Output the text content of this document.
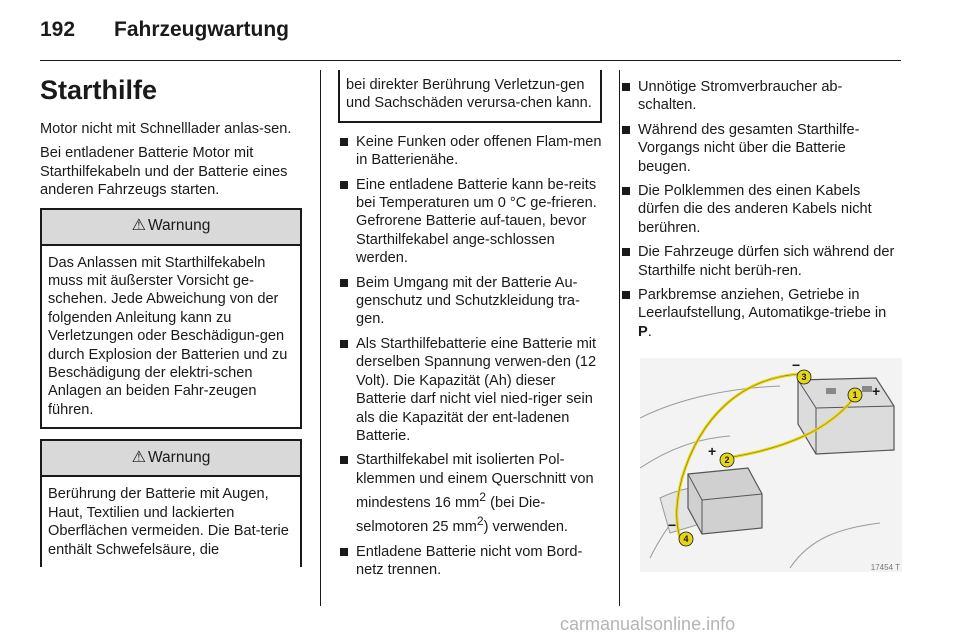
192	Fahrzeugwartung
Starthilfe

Motor nicht mit Schnelllader anlas-sen.

Bei entladener Batterie Motor mit Starthilfekabeln und der Batterie eines anderen Fahrzeugs starten.

⚠ Warnung
Das Anlassen mit Starthilfekabeln muss mit äußerster Vorsicht ge-schehen. Jede Abweichung von der folgenden Anleitung kann zu Verletzungen oder Beschädigun-gen durch Explosion der Batterien und zu Beschädigung der elektri-schen Anlagen an beiden Fahr-zeugen führen.
⚠ Warnung
Berührung der Batterie mit Augen, Haut, Textilien und lackierten Oberflächen vermeiden. Die Bat-terie enthält Schwefelsäure, die
bei direkter Berührung Verletzun-gen und Sachschäden verursa-chen kann.
Keine Funken oder offenen Flam-men in Batterienähe.
Eine entladene Batterie kann be-reits bei Temperaturen um 0 °C ge-frieren. Gefrorene Batterie auf-tauen, bevor Starthilfekabel ange-schlossen werden.
Beim Umgang mit der Batterie Au-genschutz und Schutzkleidung tra-gen.
Als Starthilfebatterie eine Batterie mit derselben Spannung verwen-den (12 Volt). Die Kapazität (Ah) dieser Batterie darf nicht viel nied-riger sein als die Kapazität der ent-ladenen Batterie.
Starthilfekabel mit isolierten Pol-klemmen und einem Querschnitt von mindestens 16 $mm^2$ (bei Die-selmotoren 25 $mm^2$) verwenden.
Entladene Batterie nicht vom Bord-netz trennen.
Unnötige Stromverbraucher ab-schalten.
Während des gesamten Starthilfe-Vorgangs nicht über die Batterie beugen.
Die Polklemmen des einen Kabels dürfen die des anderen Kabels nicht berühren.
Die Fahrzeuge dürfen sich während der Starthilfe nicht berüh-ren.
Parkbremse anziehen, Getriebe in Leerlaufstellung, Automatikge-triebe in P.
−
+
+
−
1
2
3
4
17454 T
carmanualsonline.info
